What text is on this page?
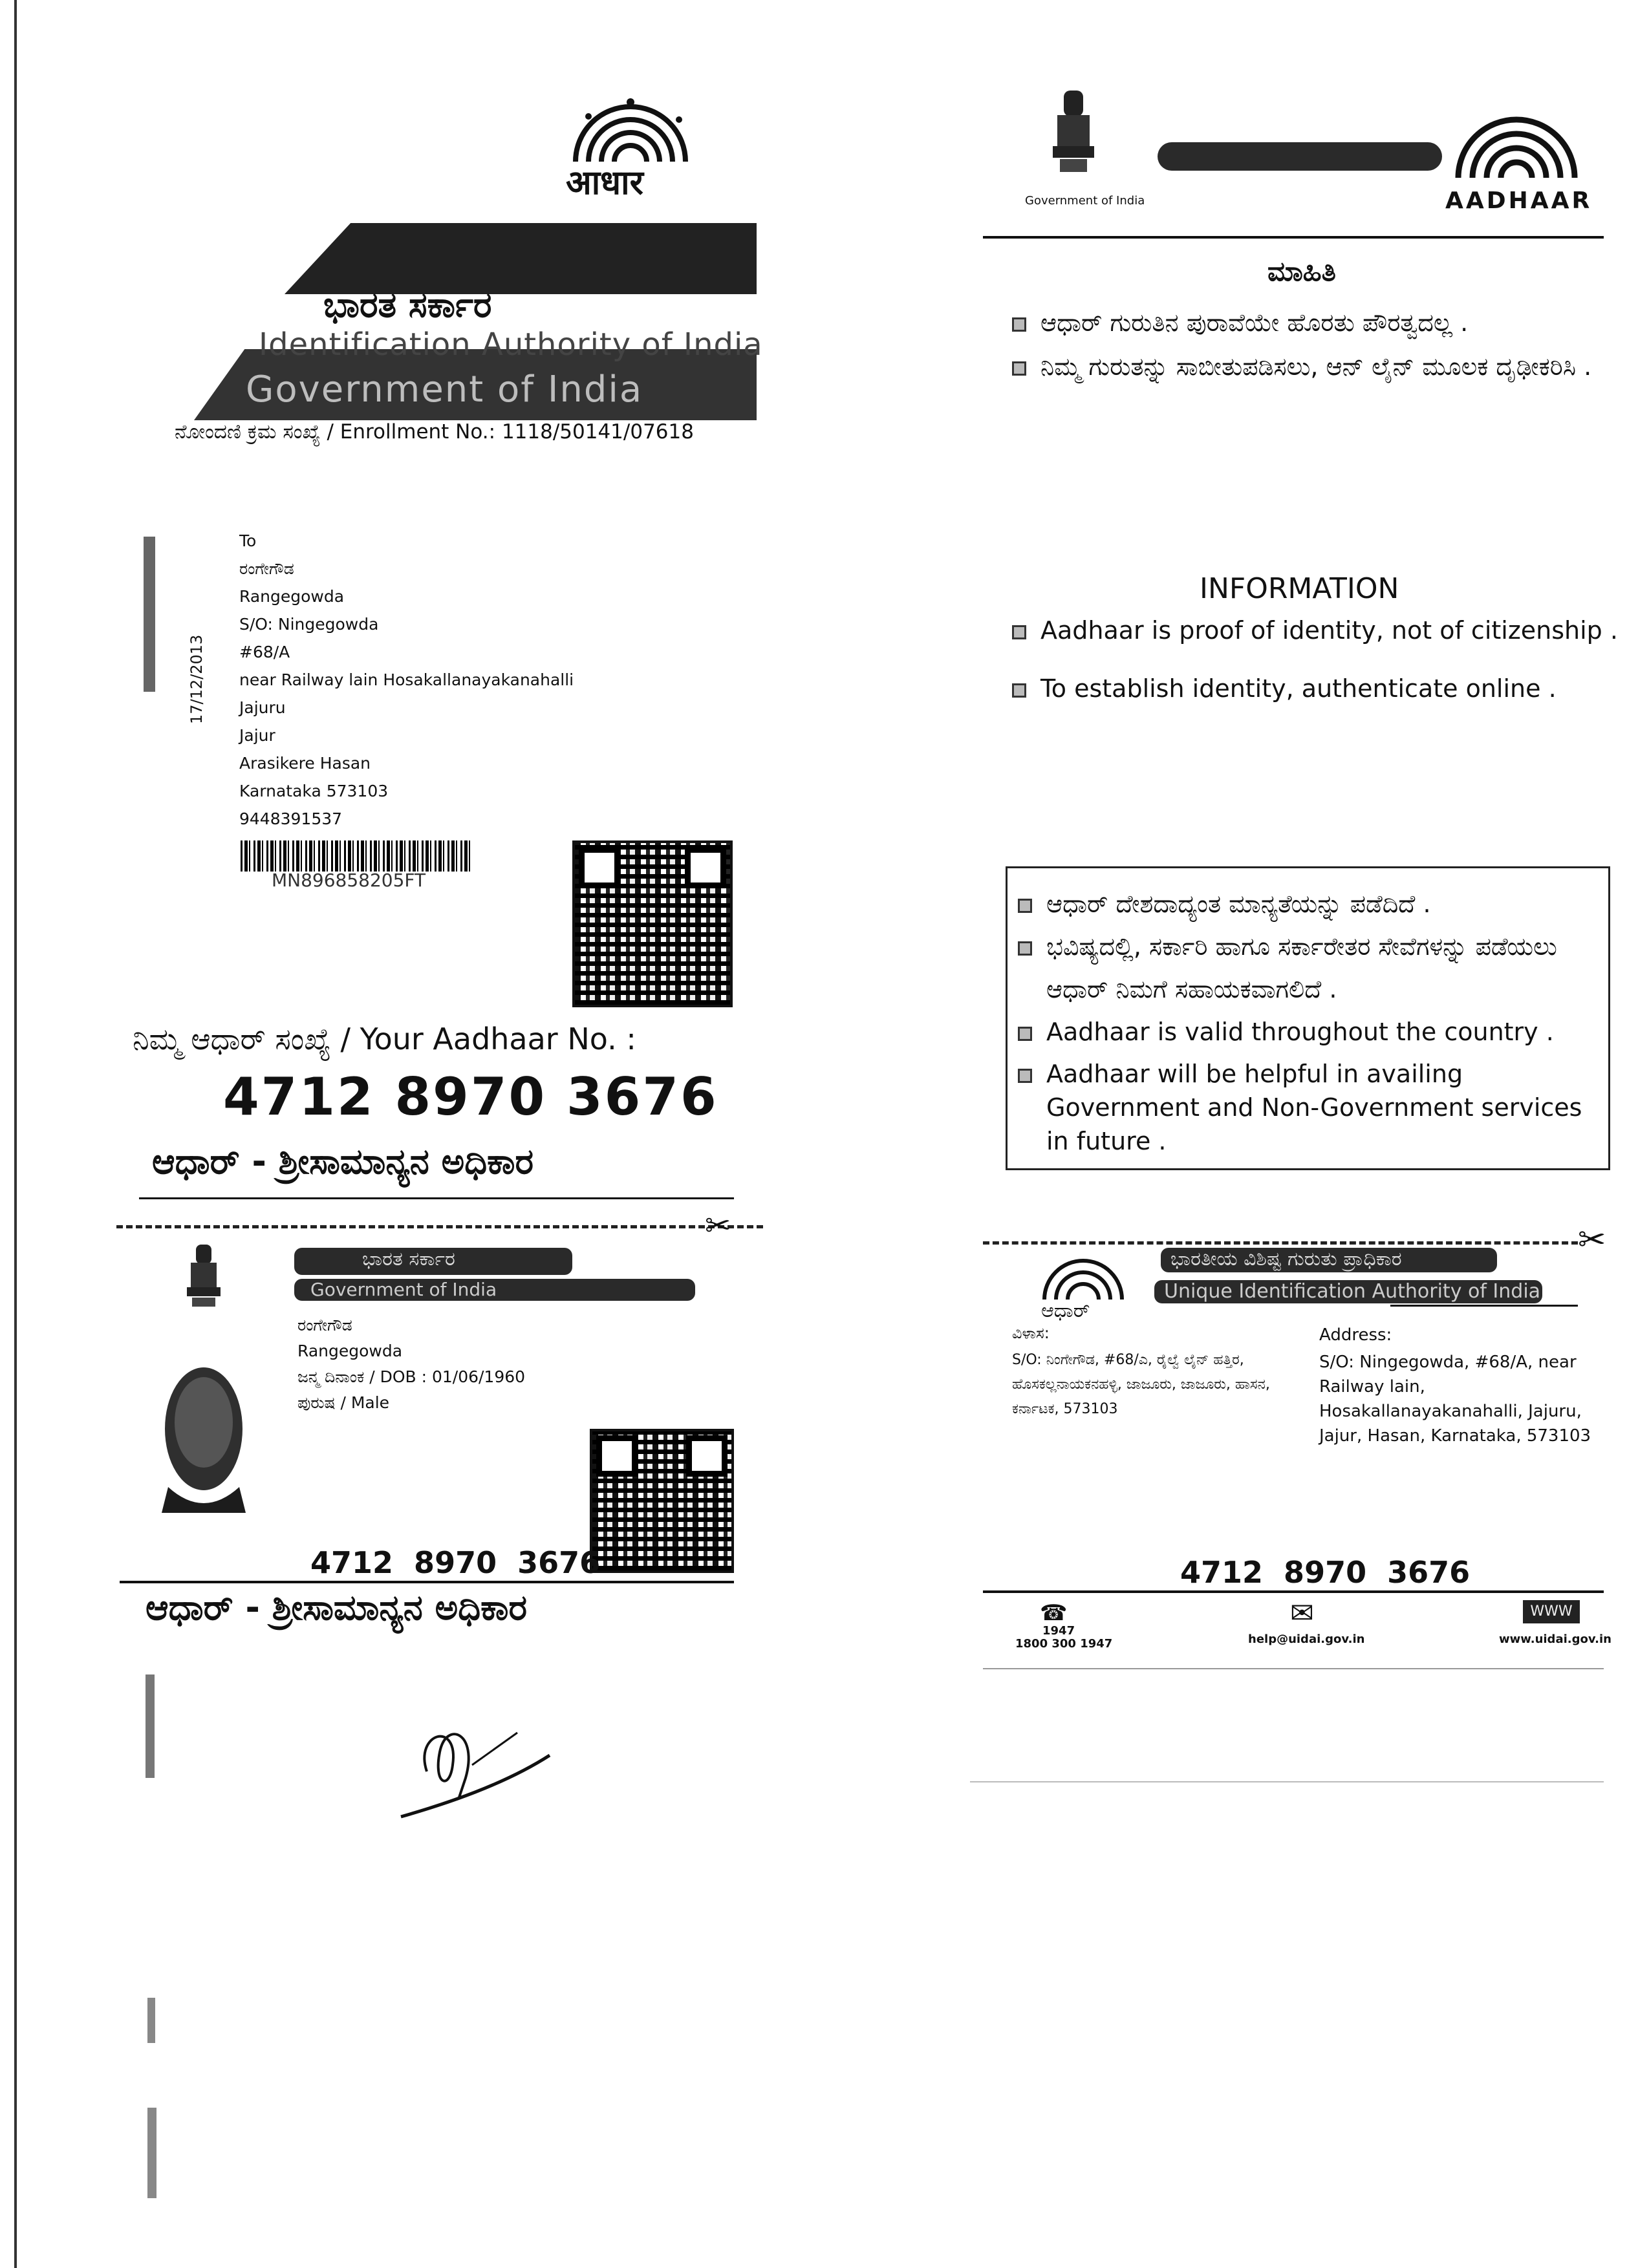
आधार
ಭಾರತ ಸರ್ಕಾರ
Identification Authority of India
Government of India
ನೋಂದಣಿ ಕ್ರಮ ಸಂಖ್ಯೆ / Enrollment No.: 1118/50141/07618
17/12/2013
To
ರಂಗೇಗೌಡ
Rangegowda
S/O: Ningegowda
#68/A
near Railway lain Hosakallanayakanahalli
Jajuru
Jajur
Arasikere Hasan
Karnataka 573103
9448391537
MN896858205FT
ನಿಮ್ಮ ಆಧಾರ್ ಸಂಖ್ಯೆ / Your Aadhaar No. :
4712 8970 3676
ಆಧಾರ್ - ಶ್ರೀಸಾಮಾನ್ಯನ ಅಧಿಕಾರ
✂
ಭಾರತ ಸರ್ಕಾರ
Government of India
ರಂಗೇಗೌಡ
Rangegowda
ಜನ್ಮ ದಿನಾಂಕ / DOB : 01/06/1960
ಪುರುಷ / Male
4712  8970  3676
ಆಧಾರ್ - ಶ್ರೀಸಾಮಾನ್ಯನ ಅಧಿಕಾರ
Government of India	AADHAAR
ಮಾಹಿತಿ
ಆಧಾರ್ ಗುರುತಿನ ಪುರಾವೆಯೇ ಹೊರತು ಪೌರತ್ವದಲ್ಲ .
ನಿಮ್ಮ ಗುರುತನ್ನು ಸಾಬೀತುಪಡಿಸಲು, ಆನ್ ಲೈನ್ ಮೂಲಕ ದೃಢೀಕರಿಸಿ .
INFORMATION
Aadhaar is proof of identity, not of citizenship .
To establish identity, authenticate online .
ಆಧಾರ್ ದೇಶದಾದ್ಯಂತ ಮಾನ್ಯತೆಯನ್ನು ಪಡೆದಿದೆ .
ಭವಿಷ್ಯದಲ್ಲಿ, ಸರ್ಕಾರಿ ಹಾಗೂ ಸರ್ಕಾರೇತರ ಸೇವೆಗಳನ್ನು ಪಡೆಯಲು ಆಧಾರ್ ನಿಮಗೆ ಸಹಾಯಕವಾಗಲಿದೆ .
Aadhaar is valid throughout the country .
Aadhaar will be helpful in availing Government and Non-Government services in future .
✂
ಆಧಾರ್
ಭಾರತೀಯ ವಿಶಿಷ್ಟ ಗುರುತು ಪ್ರಾಧಿಕಾರ
Unique Identification Authority of India
ವಿಳಾಸ:
S/O: ನಿಂಗೇಗೌಡ, #68/ಎ, ರೈಲ್ವೆ ಲೈನ್ ಹತ್ತಿರ, ಹೊಸಕಲ್ಲನಾಯಕನಹಳ್ಳಿ, ಜಾಜೂರು, ಜಾಜೂರು, ಹಾಸನ, ಕರ್ನಾಟಕ, 573103
Address:
S/O: Ningegowda, #68/A, near Railway lain, Hosakallanayakanahalli, Jajuru, Jajur, Hasan, Karnataka, 573103
4712  8970  3676
☎
1947
1800 300 1947
✉
help@uidai.gov.in
WWW
www.uidai.gov.in
